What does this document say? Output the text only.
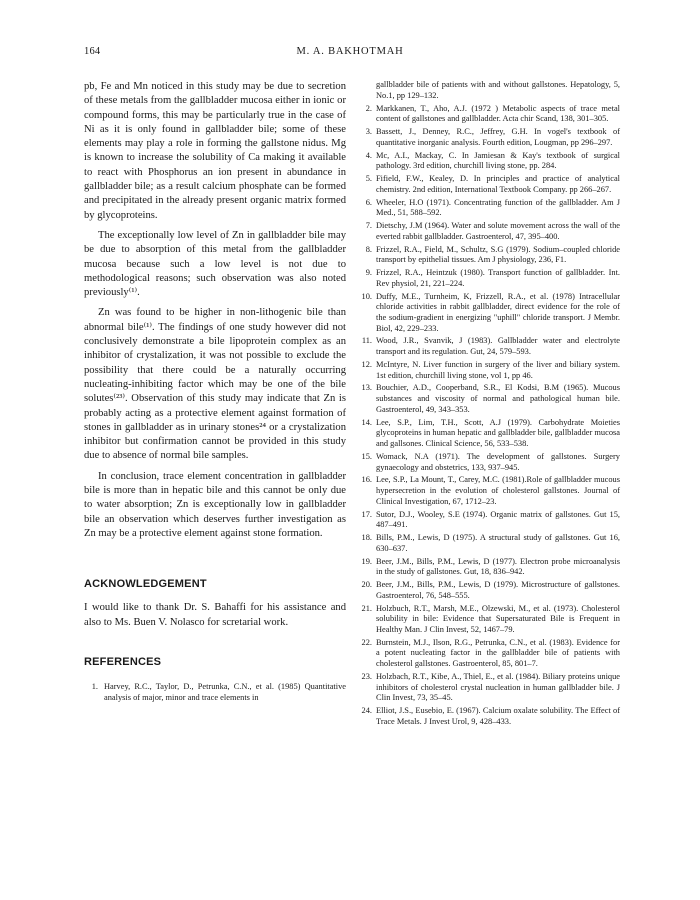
164	M. A. BAKHOTMAH

pb, Fe and Mn noticed in this study may be due to secretion of these metals from the gallbladder mucosa either in ionic or compound forms, this may be particularly true in the case of Ni as it is only found in gallbladder bile; some of these elements may play a role in forming the gallstone nidus. Mg is known to increase the solubility of Ca making it available to react with Phosphorus an ion present in abundance in gallbladder bile; as a result calcium phosphate can be formed and precipitated in the already present organic matrix formed by glycoproteins.

The exceptionally low level of Zn in gallbladder bile may be due to absorption of this metal from the gallbladder mucosa because such a low level is not due to methodological reasons; such observation was also noted previously⁽¹⁾.

Zn was found to be higher in non-lithogenic bile than abnormal bile⁽¹⁾. The findings of one study however did not conclusively demonstrate a bile lipoprotein complex as an inhibitor of crystalization, it was not possible to exclude the possibility that there could be a naturally occurring nucleating-inhibiting factor which may be one of the bile solutes⁽²³⁾. Observation of this study may indicate that Zn is probably acting as a protective element against formation of stones in gallbladder as in urinary stones²⁴ or a crystalization inhibitor but confirmation cannot be provided in this study due to absence of normal bile samples.

In conclusion, trace element concentration in gallbladder bile is more than in hepatic bile and this cannot be only due to water absorption; Zn is exceptionally low in gallbladder bile an observation which deserves further investigation as Zn may be a protective element against stone formation.

ACKNOWLEDGEMENT

I would like to thank Dr. S. Bahaffi for his assistance and also to Ms. Buen V. Nolasco for scretarial work.

REFERENCES
1. Harvey, R.C., Taylor, D., Petrunka, C.N., et al. (1985) Quantitative analysis of major, minor and trace elements in
gallbladder bile of patients with and without gallstones. Hepatology, 5, No.1, pp 129–132.
2. Markkanen, T., Aho, A.J. (1972 ) Metabolic aspects of trace metal content of gallstones and gallbladder. Acta chir Scand, 138, 301–305.
3. Bassett, J., Denney, R.C., Jeffrey, G.H. In vogel's textbook of quantitative inorganic analysis. Fourth edition, Lougman, pp 296–297.
4. Mc, A.I., Mackay, C. In Jamiesan & Kay's textbook of surgical pathology. 3rd edition, churchill living stone, pp. 284.
5. Fifield, F.W., Kealey, D. In principles and practice of analytical chemistry. 2nd edition, International Textbook Company. pp 266–267.
6. Wheeler, H.O (1971). Concentrating function of the gallbladder. Am J Med., 51, 588–592.
7. Dietschy, J.M (1964). Water and solute movement across the wall of the everted rabbit gallbladder. Gastroenterol, 47, 395–400.
8. Frizzel, R.A., Field, M., Schultz, S.G (1979). Sodium–coupled chloride transport by epithelial tissues. Am J physiology, 236, F1.
9. Frizzel, R.A., Heintzuk (1980). Transport function of gallbladder. Int. Rev physiol, 21, 221–224.
10. Duffy, M.E., Turnheim, K, Frizzell, R.A., et al. (1978) Intracellular chloride activities in rabbit gallbladder, direct evidence for the role of the sodium-gradient in energizing "uphill" chloride transport. J Membr. Biol, 42, 229–233.
11. Wood, J.R., Svanvik, J (1983). Gallbladder water and electrolyte transport and its regulation. Gut, 24, 579–593.
12. McIntyre, N. Liver function in surgery of the liver and biliary system. 1st edition, churchill living stone, vol 1, pp 46.
13. Bouchier, A.D., Cooperband, S.R., El Kodsi, B.M (1965). Mucous substances and viscosity of normal and pathological human bile. Gastroenterol, 49, 343–353.
14. Lee, S.P., Lim, T.H., Scott, A.J (1979). Carbohydrate Moieties glycoproteins in human hepatic and gallbladder bile, gallbladder mucosa and gallsones. Clinical Science, 56, 533–538.
15. Womack, N.A (1971). The development of gallstones. Surgery gynaecology and obstetrics, 133, 937–945.
16. Lee, S.P., La Mount, T., Carey, M.C. (1981).Role of gallbladder mucous hypersecretion in the evolution of cholesterol gallstones. Journal of Clinical Investigation, 67, 1712–23.
17. Sutor, D.J., Wooley, S.E (1974). Organic matrix of gallstones. Gut 15, 487–491.
18. Bills, P.M., Lewis, D (1975). A structural study of gallstones. Gut 16, 630–637.
19. Beer, J.M., Bills, P.M., Lewis, D (1977). Electron probe microanalysis in the study of gallstones. Gut, 18, 836–942.
20. Beer, J.M., Bills, P.M., Lewis, D (1979). Microstructure of gallstones. Gastroenterol, 76, 548–555.
21. Holzbuch, R.T., Marsh, M.E., Olzewski, M., et al. (1973). Cholesterol solubility in bile: Evidence that Supersaturated Bile is Frequent in Healthy Man. J Clin Invest, 52, 1467–79.
22. Burnstein, M.J., Ilson, R.G., Petrunka, C.N., et al. (1983). Evidence for a potent nucleating factor in the gallbladder bile of patients with cholesterol gallstones. Gastroenterol, 85, 801–7.
23. Holzbach, R.T., Kibe, A., Thiel, E., et al. (1984). Biliary proteins unique inhibitors of cholesterol crystal nucleation in human gallbladder bile. J Clin Invest, 73, 35–45.
24. Elliot, J.S., Eusebio, E. (1967). Calcium oxalate solubility. The Effect of Trace Metals. J Invest Urol, 9, 428–433.
